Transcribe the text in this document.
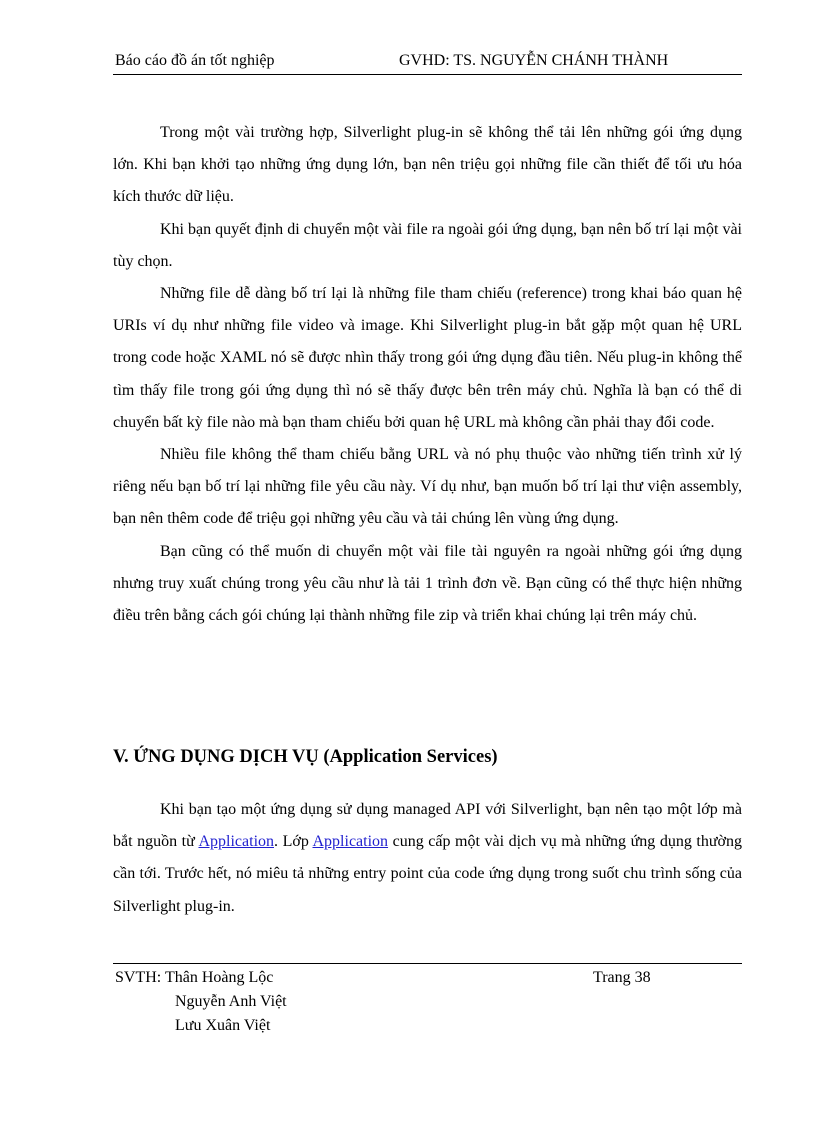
Báo cáo đồ án tốt nghiệp	GVHD: TS. NGUYỄN CHÁNH THÀNH

Trong một vài trường hợp, Silverlight plug-in sẽ không thể tải lên những gói ứng dụng lớn. Khi bạn khởi tạo những ứng dụng lớn, bạn nên triệu gọi những file cần thiết để tối ưu hóa kích thước dữ liệu.

Khi bạn quyết định di chuyển một vài file ra ngoài gói ứng dụng, bạn nên bố trí lại một vài tùy chọn.

Những file dễ dàng bố trí lại là những file tham chiếu (reference) trong khai báo quan hệ URIs ví dụ như những file video và image. Khi Silverlight plug-in bắt gặp một quan hệ URL trong code hoặc XAML nó sẽ được nhìn thấy trong gói ứng dụng đầu tiên. Nếu plug-in không thể tìm thấy file trong gói ứng dụng thì nó sẽ thấy được bên trên máy chủ. Nghĩa là bạn có thể di chuyển bất kỳ file nào mà bạn tham chiếu bởi quan hệ URL mà không cần phải thay đổi code.

Nhiều file không thể tham chiếu bằng URL và nó phụ thuộc vào những tiến trình xử lý riêng nếu bạn bố trí lại những file yêu cầu này. Ví dụ như, bạn muốn bố trí lại thư viện assembly, bạn nên thêm code để triệu gọi những yêu cầu và tải chúng lên vùng ứng dụng.

Bạn cũng có thể muốn di chuyển một vài file tài nguyên ra ngoài những gói ứng dụng nhưng truy xuất chúng trong yêu cầu như là tải 1 trình đơn về. Bạn cũng có thể thực hiện những điều trên bằng cách gói chúng lại thành những file zip và triển khai chúng lại trên máy chủ.

V. ỨNG DỤNG DỊCH VỤ (Application Services)

Khi bạn tạo một ứng dụng sử dụng managed API với Silverlight, bạn nên tạo một lớp mà bắt nguồn từ Application. Lớp Application cung cấp một vài dịch vụ mà những ứng dụng thường cần tới. Trước hết, nó miêu tả những entry point của code ứng dụng trong suốt chu trình sống của Silverlight plug-in.

SVTH: Thân Hoàng Lộc	Trang 38
Nguyễn Anh Việt
Lưu Xuân Việt
